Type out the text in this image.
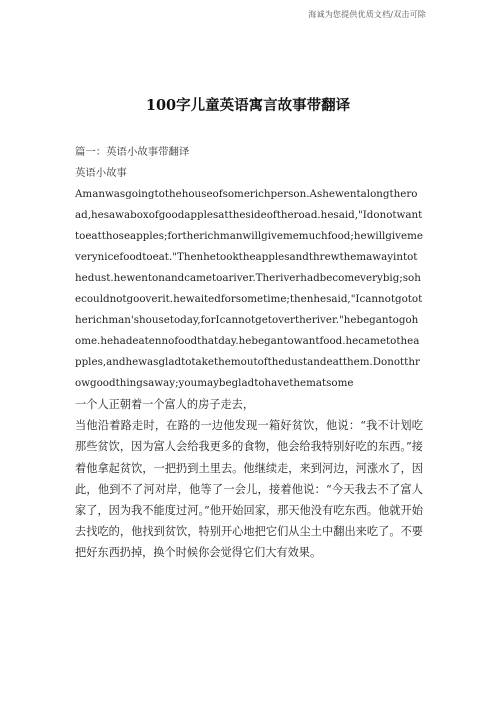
海诚为您提供优质文档/双击可除
100字儿童英语寓言故事带翻译

篇一：英语小故事带翻译

英语小故事

Amanwasgoingtothehouseofsomerichperson.Ashewentalongtheroad,hesawaboxofgoodapplesatthesideoftheroad.hesaid,"Idonotwanttoeatthoseapples;fortherichmanwillgivememuchfood;hewillgivemeverynicefoodtoeat."Thenhetooktheapplesandthrewthemawayintothedust.hewentonandcametoariver.Theriverhadbecomeverybig;sohecouldnotgooverit.hewaitedforsometime;thenhesaid,"Icannotgototherichman'shousetoday,forIcannotgetovertheriver."hebegantogohome.hehadeatennofoodthatday.hebegantowantfood.hecametotheapples,andhewasgladtotakethemoutofthedustandeatthem.Donotthrowgoodthingsaway;youmaybegladtohavethematsome

一个人正朝着一个富人的房子走去，

当他沿着路走时，在路的一边他发现一箱好贫饮，他说：“我不计划吃那些贫饮，因为富人会给我更多的食物，他会给我特别好吃的东西。”接着他拿起贫饮，一把扔到土里去。他继续走，来到河边，河涨水了，因此，他到不了河对岸，他等了一会儿，接着他说：“今天我去不了富人家了，因为我不能度过河。”他开始回家，那天他没有吃东西。他就开始去找吃的，他找到贫饮，特别开心地把它们从尘土中翻出来吃了。不要把好东西扔掉，换个时候你会觉得它们大有效果。
